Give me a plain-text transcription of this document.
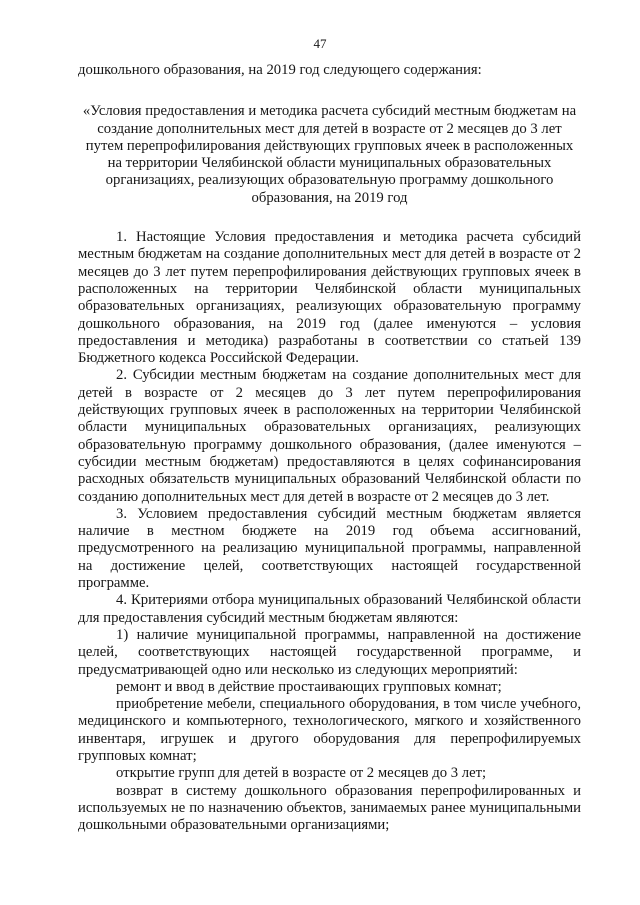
47

дошкольного образования, на 2019 год следующего содержания:

«Условия предоставления и методика расчета субсидий местным бюджетам на создание дополнительных мест для детей в возрасте от 2 месяцев до 3 лет путем перепрофилирования действующих групповых ячеек в расположенных на территории Челябинской области муниципальных образовательных организациях, реализующих образовательную программу дошкольного образования, на 2019 год

1. Настоящие Условия предоставления и методика расчета субсидий местным бюджетам на создание дополнительных мест для детей в возрасте от 2 месяцев до 3 лет путем перепрофилирования действующих групповых ячеек в расположенных на территории Челябинской области муниципальных образовательных организациях, реализующих образовательную программу дошкольного образования, на 2019 год (далее именуются – условия предоставления и методика) разработаны в соответствии со статьей 139 Бюджетного кодекса Российской Федерации.

2. Субсидии местным бюджетам на создание дополнительных мест для детей в возрасте от 2 месяцев до 3 лет путем перепрофилирования действующих групповых ячеек в расположенных на территории Челябинской области муниципальных образовательных организациях, реализующих образовательную программу дошкольного образования, (далее именуются – субсидии местным бюджетам) предоставляются в целях софинансирования расходных обязательств муниципальных образований Челябинской области по созданию дополнительных мест для детей в возрасте от 2 месяцев до 3 лет.

3. Условием предоставления субсидий местным бюджетам является наличие в местном бюджете на 2019 год объема ассигнований, предусмотренного на реализацию муниципальной программы, направленной на достижение целей, соответствующих настоящей государственной программе.

4. Критериями отбора муниципальных образований Челябинской области для предоставления субсидий местным бюджетам являются:

1) наличие муниципальной программы, направленной на достижение целей, соответствующих настоящей государственной программе, и предусматривающей одно или несколько из следующих мероприятий:

ремонт и ввод в действие простаивающих групповых комнат;

приобретение мебели, специального оборудования, в том числе учебного, медицинского и компьютерного, технологического, мягкого и хозяйственного инвентаря, игрушек и другого оборудования для перепрофилируемых групповых комнат;

открытие групп для детей в возрасте от 2 месяцев до 3 лет;

возврат в систему дошкольного образования перепрофилированных и используемых не по назначению объектов, занимаемых ранее муниципальными дошкольными образовательными организациями;
